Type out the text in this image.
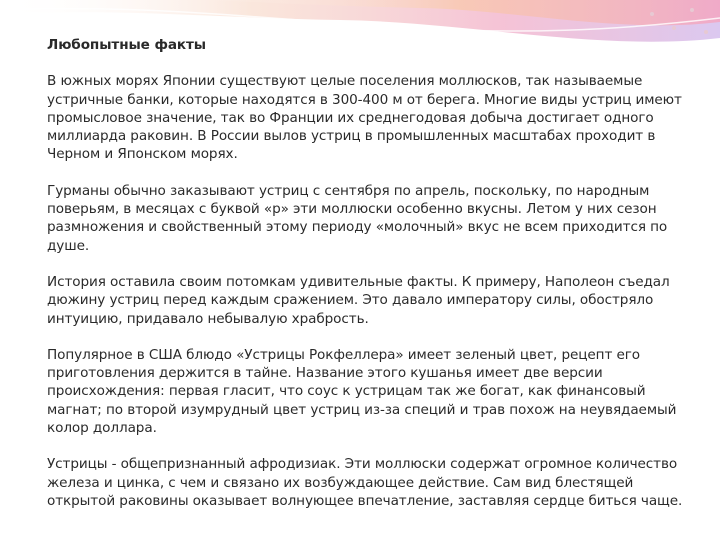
Любопытные факты

В южных морях Японии существуют целые поселения моллюсков, так называемые устричные банки, которые находятся в 300-400 м от берега. Многие виды устриц имеют промысловое значение, так во Франции их среднегодовая добыча достигает одного миллиарда раковин. В России вылов устриц в промышленных масштабах проходит в Черном и Японском морях.

Гурманы обычно заказывают устриц с сентября по апрель, поскольку, по народным поверьям, в месяцах с буквой «р» эти моллюски особенно вкусны. Летом у них сезон размножения и свойственный этому периоду «молочный» вкус не всем приходится по душе.

История оставила своим потомкам удивительные факты. К примеру, Наполеон съедал дюжину устриц перед каждым сражением. Это давало императору силы, обостряло интуицию, придавало небывалую храбрость.

Популярное в США блюдо «Устрицы Рокфеллера» имеет зеленый цвет, рецепт его приготовления держится в тайне. Название этого кушанья имеет две версии происхождения: первая гласит, что соус к устрицам так же богат, как финансовый магнат; по второй изумрудный цвет устриц из-за специй и трав похож на неувядаемый колор доллара.

Устрицы - общепризнанный афродизиак. Эти моллюски содержат огромное количество железа и цинка, с чем и связано их возбуждающее действие. Сам вид блестящей открытой раковины оказывает волнующее впечатление, заставляя сердце биться чаще.
